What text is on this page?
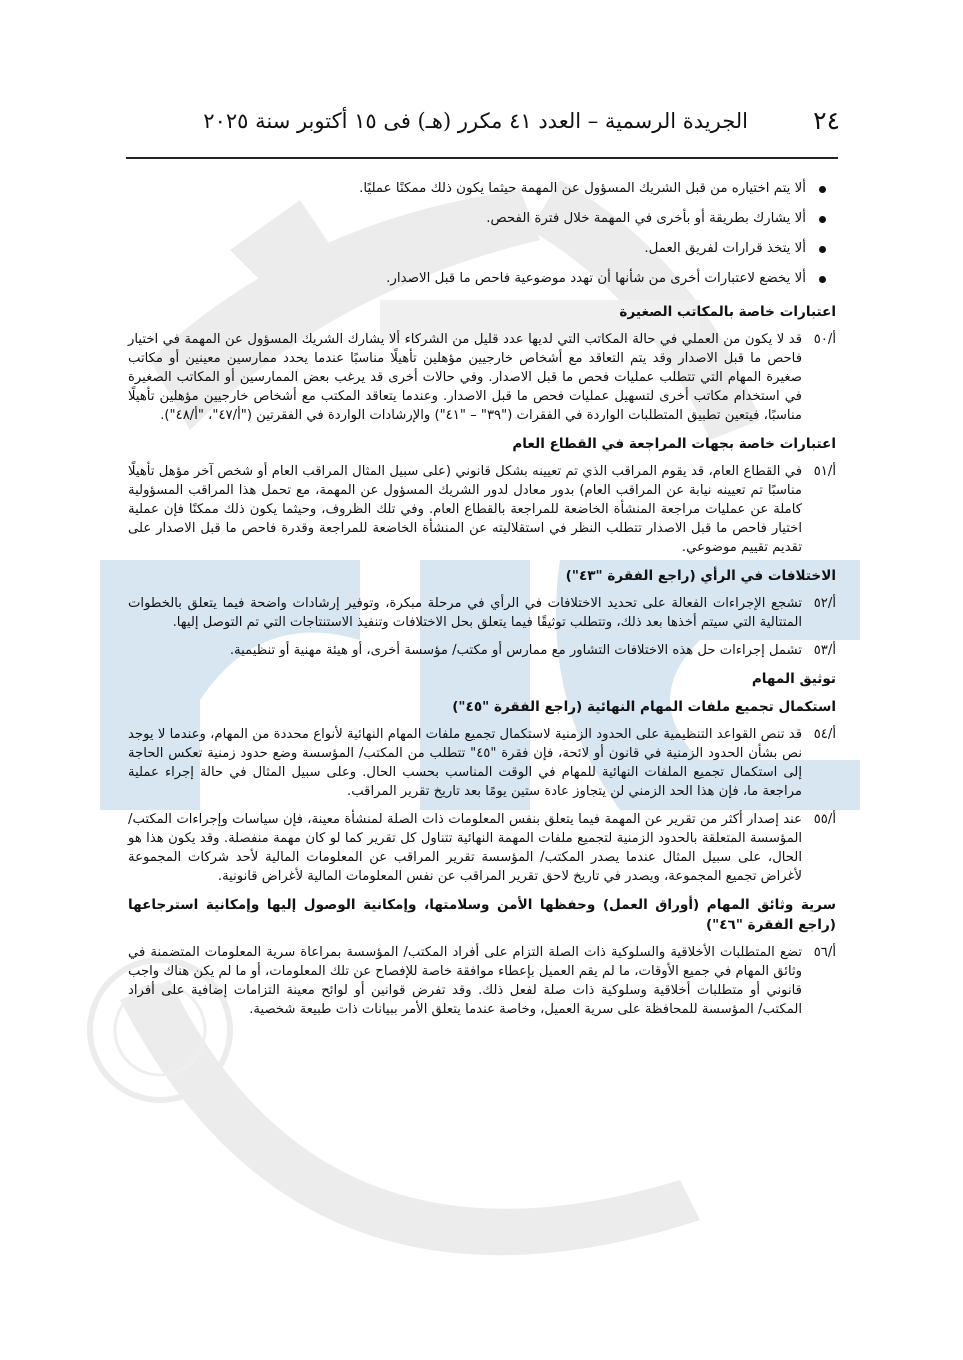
٢٤
الجريدة الرسمية – العدد ٤١ مكرر (هـ) فى ١٥ أكتوبر سنة ٢٠٢٥
ألا يتم اختياره من قبل الشريك المسؤول عن المهمة حيثما يكون ذلك ممكنًا عمليًا.
ألا يشارك بطريقة أو بأخرى في المهمة خلال فترة الفحص.
ألا يتخذ قرارات لفريق العمل.
ألا يخضع لاعتبارات أخرى من شأنها أن تهدد موضوعية فاحص ما قبل الاصدار.
اعتبارات خاصة بالمكاتب الصغيرة
أ/٥٠
قد لا يكون من العملي في حالة المكاتب التي لديها عدد قليل من الشركاء ألا يشارك الشريك المسؤول عن المهمة في اختيار فاحص ما قبل الاصدار وقد يتم التعاقد مع أشخاص خارجيين مؤهلين تأهيلًا مناسبًا عندما يحدد ممارسين معينين أو مكاتب صغيرة المهام التي تتطلب عمليات فحص ما قبل الاصدار. وفي حالات أخرى قد يرغب بعض الممارسين أو المكاتب الصغيرة في استخدام مكاتب أخرى لتسهيل عمليات فحص ما قبل الاصدار. وعندما يتعاقد المكتب مع أشخاص خارجيين مؤهلين تأهيلًا مناسبًا، فيتعين تطبيق المتطلبات الواردة في الفقرات ("٣٩" – "٤١") والإرشادات الواردة في الفقرتين ("أ/٤٧"، "أ/٤٨").
اعتبارات خاصة بجهات المراجعة في القطاع العام
أ/٥١
في القطاع العام، قد يقوم المراقب الذي تم تعيينه بشكل قانوني (على سبيل المثال المراقب العام أو شخص آخر مؤهل تأهيلًا مناسبًا تم تعيينه نيابة عن المراقب العام) بدور معادل لدور الشريك المسؤول عن المهمة، مع تحمل هذا المراقب المسؤولية كاملة عن عمليات مراجعة المنشأة الخاضعة للمراجعة بالقطاع العام. وفي تلك الظروف، وحيثما يكون ذلك ممكنًا فإن عملية اختيار فاحص ما قبل الاصدار تتطلب النظر في استقلاليته عن المنشأة الخاضعة للمراجعة وقدرة فاحص ما قبل الاصدار على تقديم تقييم موضوعي.
الاختلافات في الرأي (راجع الفقرة "٤٣")
أ/٥٢
تشجع الإجراءات الفعالة على تحديد الاختلافات في الرأي في مرحلة مبكرة، وتوفير إرشادات واضحة فيما يتعلق بالخطوات المتتالية التي سيتم أخذها بعد ذلك، وتتطلب توثيقًا فيما يتعلق بحل الاختلافات وتنفيذ الاستنتاجات التي تم التوصل إليها.
أ/٥٣
تشمل إجراءات حل هذه الاختلافات التشاور مع ممارس أو مكتب/ مؤسسة أخرى، أو هيئة مهنية أو تنظيمية.
توثيق المهام
استكمال تجميع ملفات المهام النهائية (راجع الفقرة "٤٥")
أ/٥٤
قد تنص القواعد التنظيمية على الحدود الزمنية لاستكمال تجميع ملفات المهام النهائية لأنواع محددة من المهام، وعندما لا يوجد نص بشأن الحدود الزمنية في قانون أو لائحة، فإن فقرة "٤٥" تتطلب من المكتب/ المؤسسة وضع حدود زمنية تعكس الحاجة إلى استكمال تجميع الملفات النهائية للمهام في الوقت المناسب بحسب الحال. وعلى سبيل المثال في حالة إجراء عملية مراجعة ما، فإن هذا الحد الزمني لن يتجاوز عادة ستين يومًا بعد تاريخ تقرير المراقب.
أ/٥٥
عند إصدار أكثر من تقرير عن المهمة فيما يتعلق بنفس المعلومات ذات الصلة لمنشأة معينة، فإن سياسات وإجراءات المكتب/ المؤسسة المتعلقة بالحدود الزمنية لتجميع ملفات المهمة النهائية تتناول كل تقرير كما لو كان مهمة منفصلة. وقد يكون هذا هو الحال، على سبيل المثال عندما يصدر المكتب/ المؤسسة تقرير المراقب عن المعلومات المالية لأحد شركات المجموعة لأغراض تجميع المجموعة، ويصدر في تاريخ لاحق تقرير المراقب عن نفس المعلومات المالية لأغراض قانونية.
سرية وثائق المهام (أوراق العمل) وحفظها الأمن وسلامتها، وإمكانية الوصول إليها وإمكانية استرجاعها (راجع الفقرة "٤٦")
أ/٥٦
تضع المتطلبات الأخلاقية والسلوكية ذات الصلة التزام على أفراد المكتب/ المؤسسة بمراعاة سرية المعلومات المتضمنة في وثائق المهام في جميع الأوقات، ما لم يقم العميل بإعطاء موافقة خاصة للإفصاح عن تلك المعلومات، أو ما لم يكن هناك واجب قانوني أو متطلبات أخلاقية وسلوكية ذات صلة لفعل ذلك. وقد تفرض قوانين أو لوائح معينة التزامات إضافية على أفراد المكتب/ المؤسسة للمحافظة على سرية العميل، وخاصة عندما يتعلق الأمر ببيانات ذات طبيعة شخصية.
